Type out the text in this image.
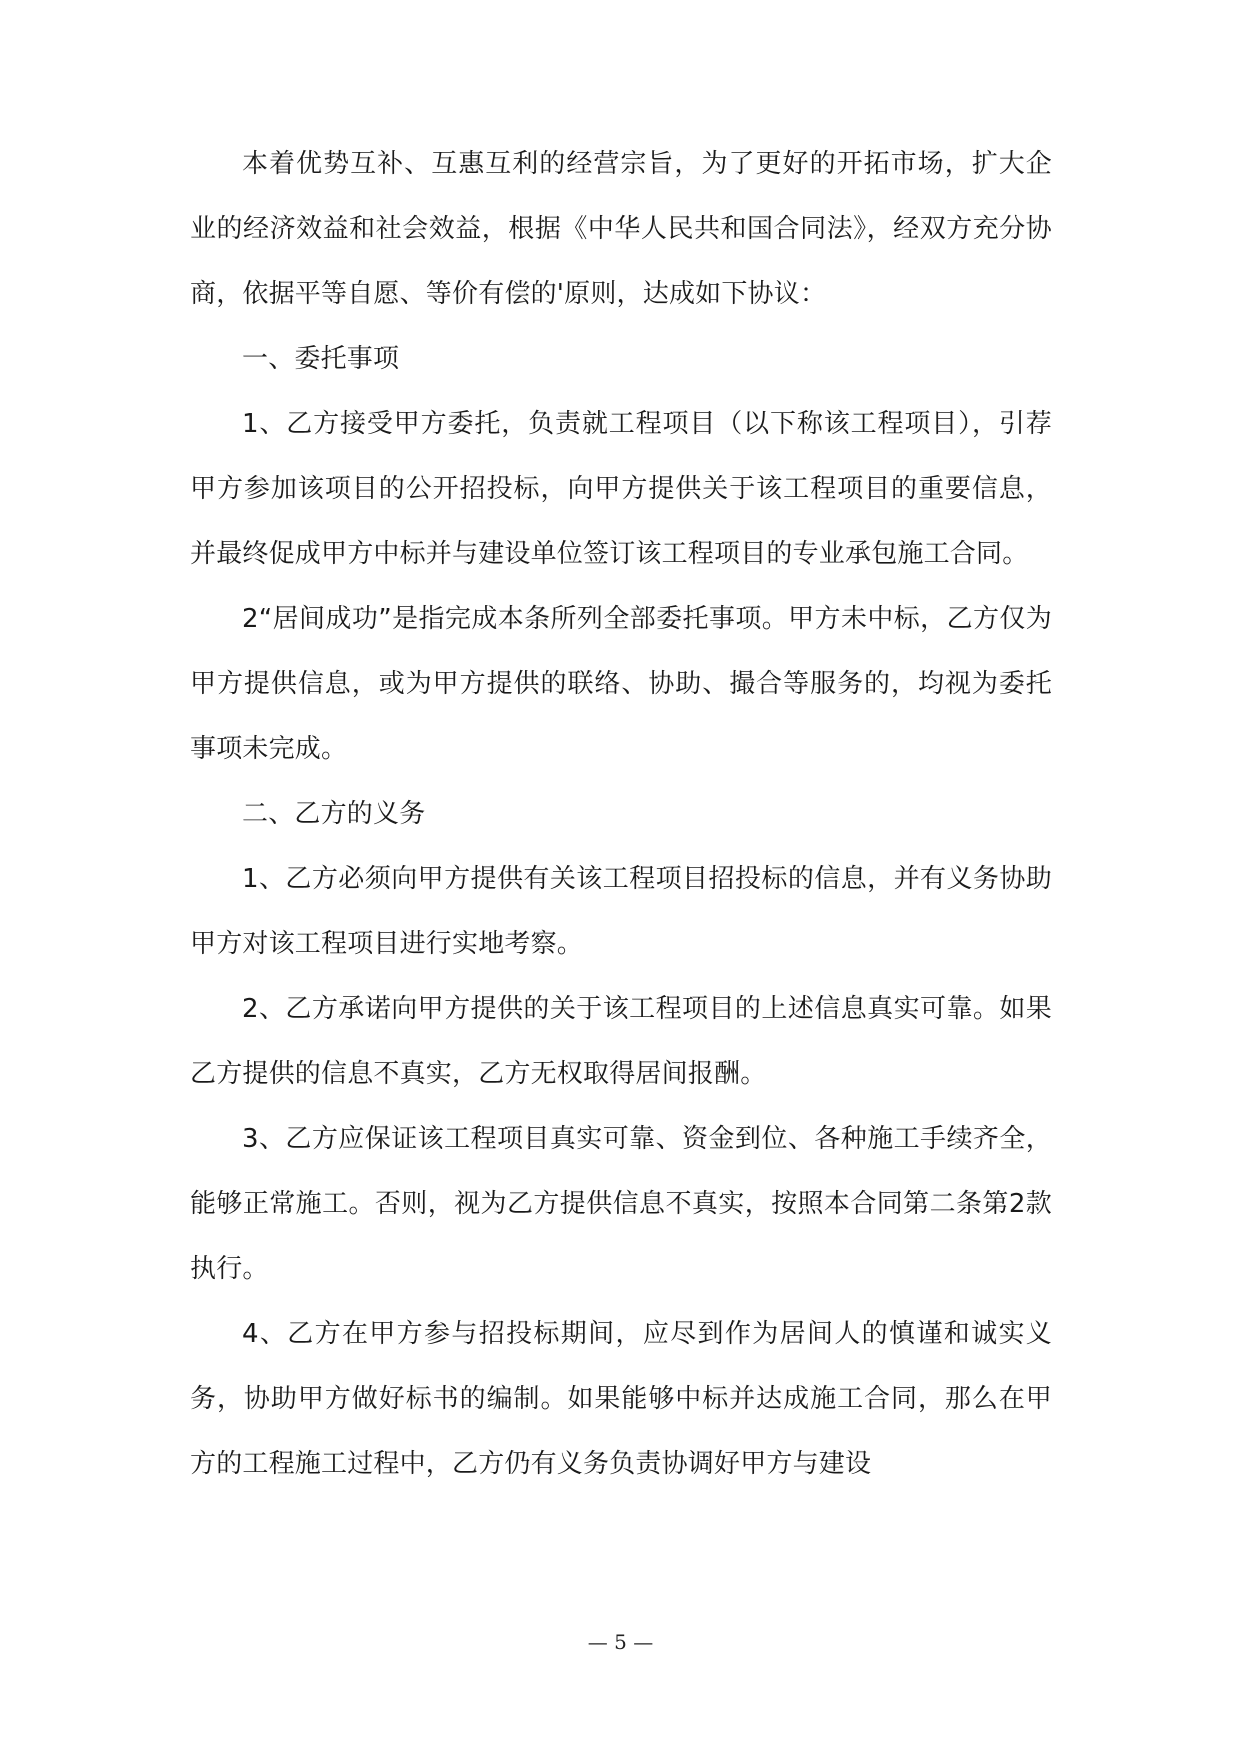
本着优势互补、互惠互利的经营宗旨，为了更好的开拓市场，扩大企业的经济效益和社会效益，根据《中华人民共和国合同法》，经双方充分协商，依据平等自愿、等价有偿的'原则，达成如下协议：

一、委托事项

1、乙方接受甲方委托，负责就工程项目（以下称该工程项目），引荐甲方参加该项目的公开招投标，向甲方提供关于该工程项目的重要信息，并最终促成甲方中标并与建设单位签订该工程项目的专业承包施工合同。

2“居间成功”是指完成本条所列全部委托事项。甲方未中标，乙方仅为甲方提供信息，或为甲方提供的联络、协助、撮合等服务的，均视为委托事项未完成。

二、乙方的义务

1、乙方必须向甲方提供有关该工程项目招投标的信息，并有义务协助甲方对该工程项目进行实地考察。

2、乙方承诺向甲方提供的关于该工程项目的上述信息真实可靠。如果乙方提供的信息不真实，乙方无权取得居间报酬。

3、乙方应保证该工程项目真实可靠、资金到位、各种施工手续齐全，能够正常施工。否则，视为乙方提供信息不真实，按照本合同第二条第2款执行。

4、乙方在甲方参与招投标期间，应尽到作为居间人的慎谨和诚实义务，协助甲方做好标书的编制。如果能够中标并达成施工合同，那么在甲方的工程施工过程中，乙方仍有义务负责协调好甲方与建设

— 5 —
